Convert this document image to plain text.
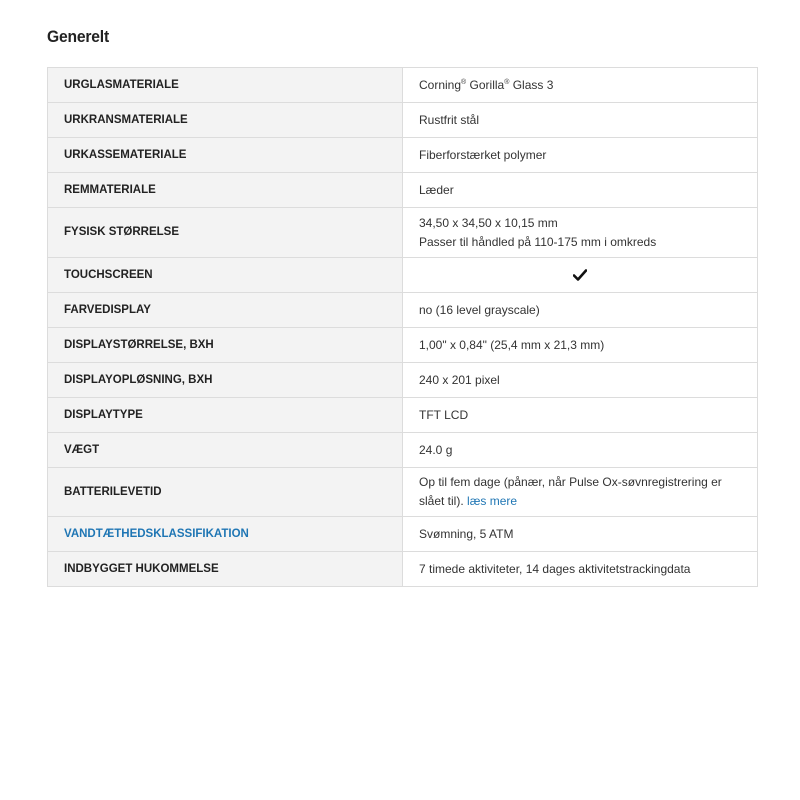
Generelt
URGLASMATERIALE	Corning® Gorilla® Glass 3
URKRANSMATERIALE	Rustfrit stål
URKASSEMATERIALE	Fiberforstærket polymer
REMMATERIALE	Læder
FYSISK STØRRELSE	34,50 x 34,50 x 10,15 mm
Passer til håndled på 110-175 mm i omkreds

TOUCHSCREEN	
FARVEDISPLAY	no (16 level grayscale)
DISPLAYSTØRRELSE, BXH	1,00" x 0,84" (25,4 mm x 21,3 mm)
DISPLAYOPLØSNING, BXH	240 x 201 pixel
DISPLAYTYPE	TFT LCD
VÆGT	24.0 g
BATTERILEVETID	Op til fem dage (pånær, når Pulse Ox-søvnregistrering er
slået til). læs mere

VANDTÆTHEDSKLASSIFIKATION	Svømning, 5 ATM
INDBYGGET HUKOMMELSE	7 timede aktiviteter, 14 dages aktivitetstrackingdata
